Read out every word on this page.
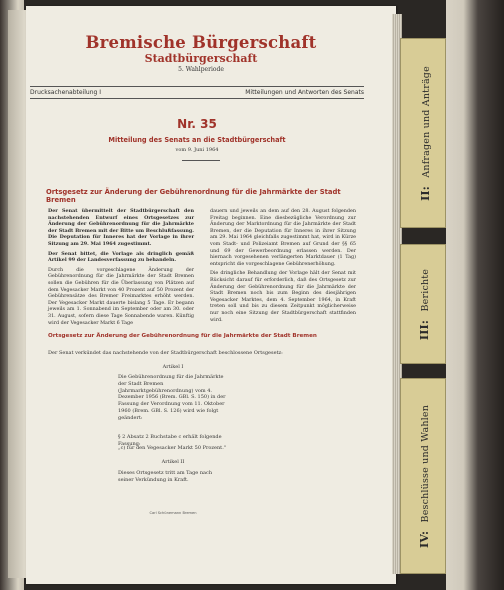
II: Anfragen und Anträge
III: Berichte
IV: Beschlüsse und Wahlen
Bremische Bürgerschaft
Stadtbürgerschaft
5. Wahlperiode
Drucksachenabteilung I	Mitteilungen und Antworten des Senats
Nr. 35
Mitteilung des Senats an die Stadtbürgerschaft
vom 9. Juni 1964
Ortsgesetz zur Änderung der Gebührenordnung für die Jahrmärkte der Stadt Bremen

Der Senat übermittelt der Stadtbürgerschaft den nachstehenden Entwurf eines Ortsgesetzes zur Änderung der Gebührenordnung für die Jahrmärkte der Stadt Bremen mit der Bitte um Beschlußfassung. Die Deputation für Inneres hat der Vorlage in ihrer Sitzung am 29. Mai 1964 zugestimmt.

Der Senat bittet, die Vorlage als dringlich gemäß Artikel 99 der Landesverfassung zu behandeln.

Durch die vorgeschlagene Änderung der Gebührenordnung für die Jahrmärkte der Stadt Bremen sollen die Gebühren für die Überlassung von Plätzen auf dem Vegesacker Markt von 40 Prozent auf 50 Prozent der Gebührensätze des Bremer Freimarktes erhöht werden. Der Vegesacker Markt dauerte bislang 5 Tage. Er begann jeweils am 1. Sonnabend im September oder am 30. oder 31. August, sofern diese Tage Sonnabende waren. Künftig wird der Vegesacker Markt 6 Tage

dauern und jeweils an dem auf den 28. August folgenden Freitag beginnen. Eine diesbezügliche Verordnung zur Änderung der Marktordnung für die Jahrmärkte der Stadt Bremen, der die Deputation für Inneres in ihrer Sitzung am 29. Mai 1964 gleichfalls zugestimmt hat, wird in Kürze vom Stadt- und Polizeiamt Bremen auf Grund der §§ 65 und 69 der Gewerbeordnung erlassen werden. Der hiernach vorgesehenen verlängerten Marktdauer (1 Tag) entspricht die vorgeschlagene Gebührenerhöhung.

Die dringliche Behandlung der Vorlage hält der Senat mit Rücksicht darauf für erforderlich, daß des Ortsgesetz zur Änderung der Gebührenordnung für die Jahrmärkte der Stadt Bremen noch bis zum Beginn des diesjährigen Vegesacker Marktes, dem 4. September 1964, in Kraft treten soll und bis zu diesem Zeitpunkt möglicherweise nur noch eine Sitzung der Stadtbürgerschaft stattfinden wird.

Ortsgesetz zur Änderung der Gebührenordnung für die Jahrmärkte der Stadt Bremen
Der Senat verkündet das nachstehende von der Stadtbürgerschaft beschlossene Ortsgesetz:
Artikel I
Die Gebührenordnung für die Jahrmärkte der Stadt Bremen (Jahrmarktgebührenordnung) vom 4. Dezember 1956 (Brem. GBl. S. 150) in der Fassung der Verordnung vom 11. Oktober 1960 (Brem. GBl. S. 126) wird wie folgt geändert:
§ 2 Absatz 2 Buchstabe c erhält folgende Fassung:
„c) für den Vegesacker Markt 50 Prozent."
Artikel II
Dieses Ortsgesetz tritt am Tage nach seiner Verkündung in Kraft.
Carl Schünemann Bremen
